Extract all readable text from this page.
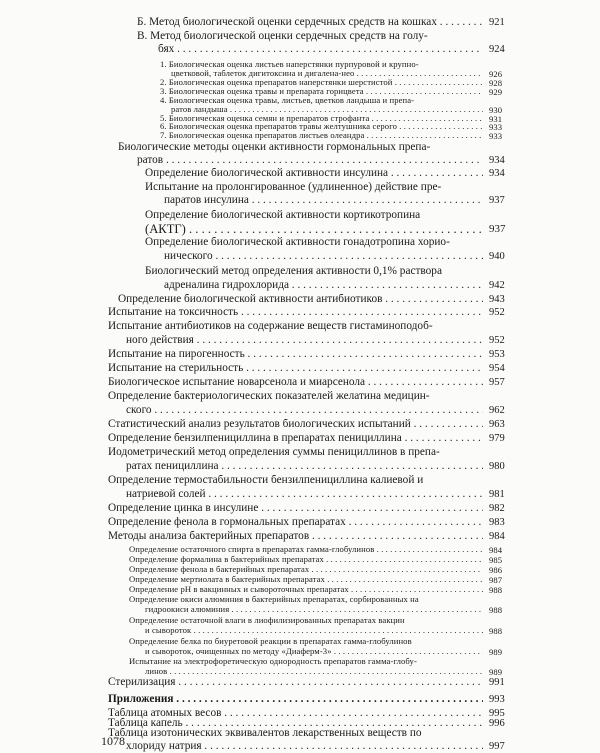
Б. Метод биологической оценки сердечных средств на кошках . . .	921
В. Метод биологической оценки сердечных средств на голу-
бях . . .	924
1. Биологическая оценка листьев наперстянки пурпуровой и крупно-
цветковой, таблеток дигитоксина и дигалена-нео . . .	926
2. Биологическая оценка препаратов наперстянки шерстистой . . .	928
3. Биологическая оценка травы и препарата горицвета . . .	929
4. Биологическая оценка травы, листьев, цветков ландыша и препа-
ратов ландыша . . .	930
5. Биологическая оценка семян и препаратов строфанта . . .	931
6. Биологическая оценка препаратов травы желтушника серого . . .	933
7. Биологическая оценка препаратов листьев олеандра . . .	933
Биологические методы оценки активности гормональных препа-
ратов . . .	934
Определение биологической активности инсулина . . .	934
Испытание на пролонгированное (удлиненное) действие пре-
паратов инсулина . . .	937
Определение биологической активности кортикотропина
(АКТГ) . . .	937
Определение биологической активности гонадотропина хорио-
нического . . .	940
Биологический метод определения активности 0,1% раствора
адреналина гидрохлорида . . .	942
Определение биологической активности антибиотиков . . .	943
Испытание на токсичность . . .	952
Испытание антибиотиков на содержание веществ гистаминоподоб-
ного действия . . .	952
Испытание на пирогенность . . .	953
Испытание на стерильность . . .	954
Биологическое испытание новарсенола и миарсенола . . .	957
Определение бактериологических показателей желатина медицин-
ского . . .	962
Статистический анализ результатов биологических испытаний . . .	963
Определение бензилпенициллина в препаратах пенициллина . . .	979
Йодометрический метод определения суммы пенициллинов в препа-
ратах пенициллина . . .	980
Определение термостабильности бензилпенициллина калиевой и
натриевой солей . . .	981
Определение цинка в инсулине . . .	982
Определение фенола в гормональных препаратах . . .	983
Методы анализа бактерийных препаратов . . .	984
Определение остаточного спирта в препаратах гамма-глобулинов . . .	984
Определение формалина в бактерийных препаратах . . .	985
Определение фенола в бактерийных препаратах . . .	986
Определение мертиолата в бактерийных препаратах . . .	987
Определение pH в вакцинных и сывороточных препаратах . . .	988
Определение окиси алюминия в бактерийных препаратах, сорбированных на
гидроокиси алюминия . . .	988
Определение остаточной влаги в лиофилизированных препаратах вакцин
и сывороток . . .	988
Определение белка по биуретовой реакции в препаратах гамма-глобулинов
и сывороток, очищенных по методу «Диаферм-3» . . .	989
Испытание на электрофоретическую однородность препаратов гамма-глобу-
линов . . .	989
Стерилизация . . .	991
Приложения . . .	993
Таблица атомных весов . . .	995
Таблица капель . . .	996
Таблица изотонических эквивалентов лекарственных веществ по
хлориду натрия . . .	997
1078
